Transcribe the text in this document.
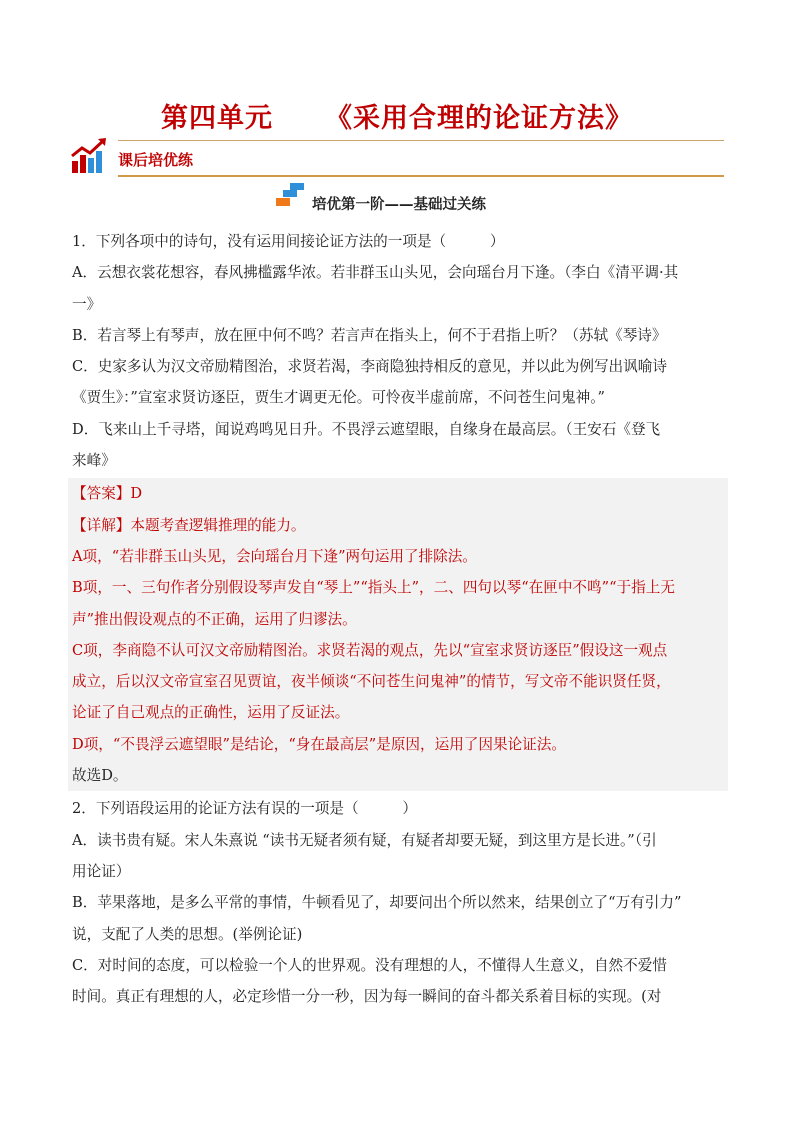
第四单元 《采用合理的论证方法》
课后培优练
培优第一阶——基础过关练
1．下列各项中的诗句，没有运用间接论证方法的一项是（　　　）
A．云想衣裳花想容，春风拂槛露华浓。若非群玉山头见，会向瑶台月下逢。（李白《清平调·其
一》
B．若言琴上有琴声，放在匣中何不鸣？若言声在指头上，何不于君指上听？（苏轼《琴诗》
C．史家多认为汉文帝励精图治，求贤若渴，李商隐独持相反的意见，并以此为例写出讽喻诗
《贾生》：”宣室求贤访逐臣，贾生才调更无伦。可怜夜半虚前席，不问苍生问鬼神。”
D．飞来山上千寻塔，闻说鸡鸣见日升。不畏浮云遮望眼，自缘身在最高层。（王安石《登飞
来峰》
【答案】D
【详解】本题考查逻辑推理的能力。
A项，“若非群玉山头见，会向瑶台月下逢”两句运用了排除法。
B项，一、三句作者分别假设琴声发自“琴上”“指头上”，二、四句以琴“在匣中不鸣”“于指上无
声”推出假设观点的不正确，运用了归谬法。
C项，李商隐不认可汉文帝励精图治。求贤若渴的观点，先以“宣室求贤访逐臣”假设这一观点
成立，后以汉文帝宣室召见贾谊，夜半倾谈“不问苍生问鬼神”的情节，写文帝不能识贤任贤，
论证了自己观点的正确性，运用了反证法。
D项，“不畏浮云遮望眼”是结论，“身在最高层”是原因，运用了因果论证法。
故选D。
2．下列语段运用的论证方法有误的一项是（　　　）
A．读书贵有疑。宋人朱熹说 “读书无疑者须有疑，有疑者却要无疑，到这里方是长进。”（引
用论证）
B．苹果落地，是多么平常的事情，牛顿看见了，却要问出个所以然来，结果创立了“万有引力”
说，支配了人类的思想。(举例论证)
C．对时间的态度，可以检验一个人的世界观。没有理想的人，不懂得人生意义，自然不爱惜
时间。真正有理想的人，必定珍惜一分一秒，因为每一瞬间的奋斗都关系着目标的实现。(对
